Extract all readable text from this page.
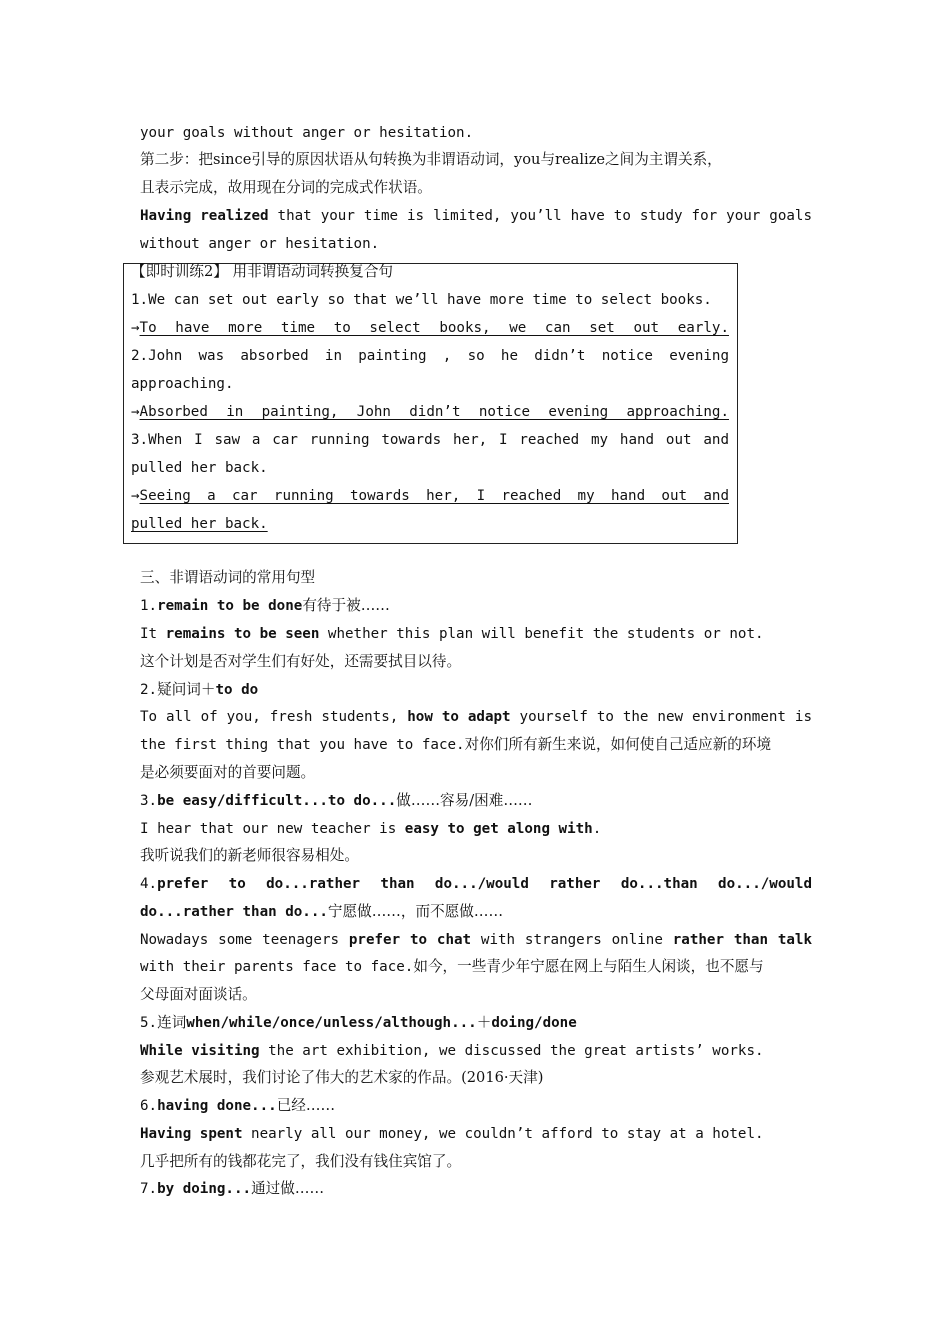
your goals without anger or hesitation.
第二步：把since引导的原因状语从句转换为非谓语动词，you与realize之间为主谓关系，
且表示完成，故用现在分词的完成式作状语。
Having realized that your time is limited, you’ll have to study for your goals
without anger or hesitation.
【即时训练2】 用非谓语动词转换复合句
1.We can set out early so that we’ll have more time to select books.
→To have more time to select books, we can set out early.
2.John was absorbed in painting , so he didn’t notice evening
approaching.
→Absorbed in painting, John didn’t notice evening approaching.
3.When I saw a car running towards her, I reached my hand out and
pulled her back.
→Seeing a car running towards her, I reached my hand out and
pulled her back.
三、非谓语动词的常用句型
1.remain to be done有待于被……
It remains to be seen whether this plan will benefit the students or not.
这个计划是否对学生们有好处，还需要拭目以待。
2.疑问词＋to do
To all of you, fresh students, how to adapt yourself to the new environment is
the first thing that you have to face.对你们所有新生来说，如何使自己适应新的环境
是必须要面对的首要问题。
3.be easy/difficult...to do...做……容易/困难……
I hear that our new teacher is easy to get along with.
我听说我们的新老师很容易相处。
4.prefer to do...rather than do.../would rather do...than do.../would
do...rather than do...宁愿做……，而不愿做……
Nowadays some teenagers prefer to chat with strangers online rather than talk
with their parents face to face.如今，一些青少年宁愿在网上与陌生人闲谈，也不愿与
父母面对面谈话。
5.连词when/while/once/unless/although...＋doing/done
While visiting the art exhibition, we discussed the great artists’ works.
参观艺术展时，我们讨论了伟大的艺术家的作品。(2016·天津)
6.having done...已经……
Having spent nearly all our money, we couldn’t afford to stay at a hotel.
几乎把所有的钱都花完了，我们没有钱住宾馆了。
7.by doing...通过做……
